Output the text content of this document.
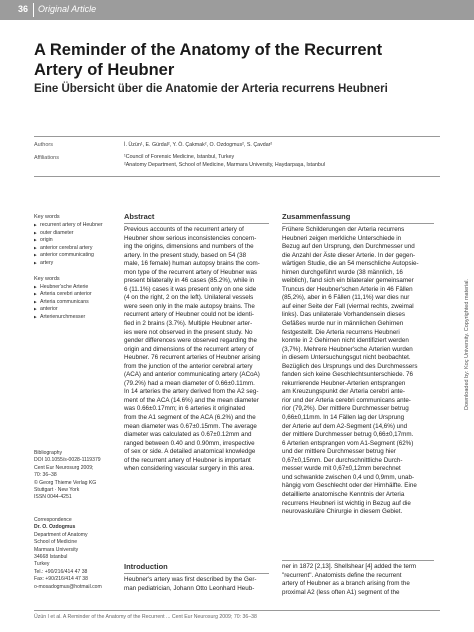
36 Original Article
A Reminder of the Anatomy of the Recurrent Artery of Heubner
Eine Übersicht über die Anatomie der Arteria recurrens Heubneri
Authors	İ. Üzün¹, E. Gürdal², Y. Ö. Çakmak², O. Ozdogmus², S. Çavdar²
Affiliations	¹Council of Forensic Medicine, Istanbul, Turkey
²Anatomy Department, School of Medicine, Marmara University, Haydarpaşa, Istanbul
Key words
▶ recurrent artery of Heubner
▶ outer diameter
▶ origin
▶ anterior cerebral artery
▶ anterior communicating
▶ artery
Key words
▶ Heubner'sche Arterie
▶ Arteria cerebri anterior
▶ Arteria communicans
▶ anterior
▶ Arterienurchmesser
Bibliography
DOI 10.1055/s-0028-1119379
Cent Eur Neurosurg 2009;
70: 36–38
© Georg Thieme Verlag KG
Stuttgart · New York
ISSN 0044-4251
Correspondence
Dr. O. Ozdogmus
Department of Anatomy
School of Medicine
Marmara University
34668 Istanbul
Turkey
Tel.: +90/216/414 47 38
Fax: +90/216/414 47 38
o-mosadogmus@hotmail.com
Abstract
Previous accounts of the recurrent artery of
Heubner show serious inconsistencies concern-
ing the origins, dimensions and numbers of the
artery. In the present study, based on 54 (38
male, 16 female) human autopsy brains the com-
mon type of the recurrent artery of Heubner was
present bilaterally in 46 cases (85.2%), while in
6 (11.1%) cases it was present only on one side
(4 on the right, 2 on the left). Unilateral vessels
were seen only in the male autopsy brains. The
recurrent artery of Heubner could not be identi-
fied in 2 brains (3.7%). Multiple Heubner arter-
ies were not observed in the present study. No
gender differences were observed regarding the
origin and dimensions of the recurrent artery of
Heubner. 76 recurrent arteries of Heubner arising
from the junction of the anterior cerebral artery
(ACA) and anterior communicating artery (ACoA)
(79.2%) had a mean diameter of 0.66±0.11mm.
In 14 arteries the artery derived from the A2 seg-
ment of the ACA (14.6%) and the mean diameter
was 0.66±0.17mm; in 6 arteries it originated
from the A1 segment of the ACA (6.2%) and the
mean diameter was 0.67±0.15mm. The average
diameter was calculated as 0.67±0.12mm and
ranged between 0.40 and 0.90mm, irrespective
of sex or side. A detailed anatomical knowledge
of the recurrent artery of Heubner is important
when considering vascular surgery in this area.
Zusammenfassung
Frühere Schilderungen der Arteria recurrens
Heubneri zeigen merkliche Unterschiede in
Bezug auf den Ursprung, den Durchmesser und
die Anzahl der Äste dieser Arterie. In der gegen-
wärtigen Studie, die an 54 menschliche Autopsie-
hirnen durchgeführt wurde (38 männlich, 16
weiblich), fand sich ein bilateraler gemeinsamer
Truncus der Heubner'schen Arterie in 46 Fällen
(85,2%), aber in 6 Fällen (11,1%) war dies nur
auf einer Seite der Fall (viermal rechts, zweimal
links). Das unilaterale Vorhandensein dieses
Gefäßes wurde nur in männlichen Gehirnen
festgestellt. Die Arteria recurrens Heubneri
konnte in 2 Gehirnen nicht identifiziert werden
(3,7%). Mehrere Heubner'sche Arterien wurden
in diesem Untersuchungsgut nicht beobachtet.
Bezüglich des Ursprungs und des Durchmessers
fanden sich keine Geschlechtsunterschiede. 76
rekurrierende Heubner-Arterien entsprangen
am Kreuzungspunkt der Arteria cerebri ante-
rior und der Arteria cerebri communicans ante-
rior (79,2%). Der mittlere Durchmesser betrug
0,66±0,11mm. In 14 Fällen lag der Ursprung
der Arterie auf dem A2-Segment (14,6%) und
der mittlere Durchmesser betrug 0,66±0,17mm.
6 Arterien entsprangen vom A1-Segment (62%)
und der mittlere Durchmesser betrug hier
0,67±0,15mm. Der durchschnittliche Durch-
messer wurde mit 0,67±0,12mm berechnet
und schwankte zwischen 0,4 und 0,9mm, unab-
hängig vom Geschlecht oder der Hirnhälfte. Eine
detaillierte anatomische Kenntnis der Arteria
recurrens Heubneri ist wichtig in Bezug auf die
neurovaskuläre Chirurgie in diesem Gebiet.
Introduction
Heubner's artery was first described by the Ger-
man pediatrician, Johann Otto Leonhard Heub-
ner in 1872 [2,13]. Shellshear [4] added the term
"recurrent". Anatomists define the recurrent
artery of Heubner as a branch arising from the
proximal A2 (less often A1) segment of the
Üzün I et al. A Reminder of the Anatomy of the Recurrent ... Cent Eur Neurosurg 2009; 70: 36–38
Downloaded by: Koç University. Copyrighted material.
